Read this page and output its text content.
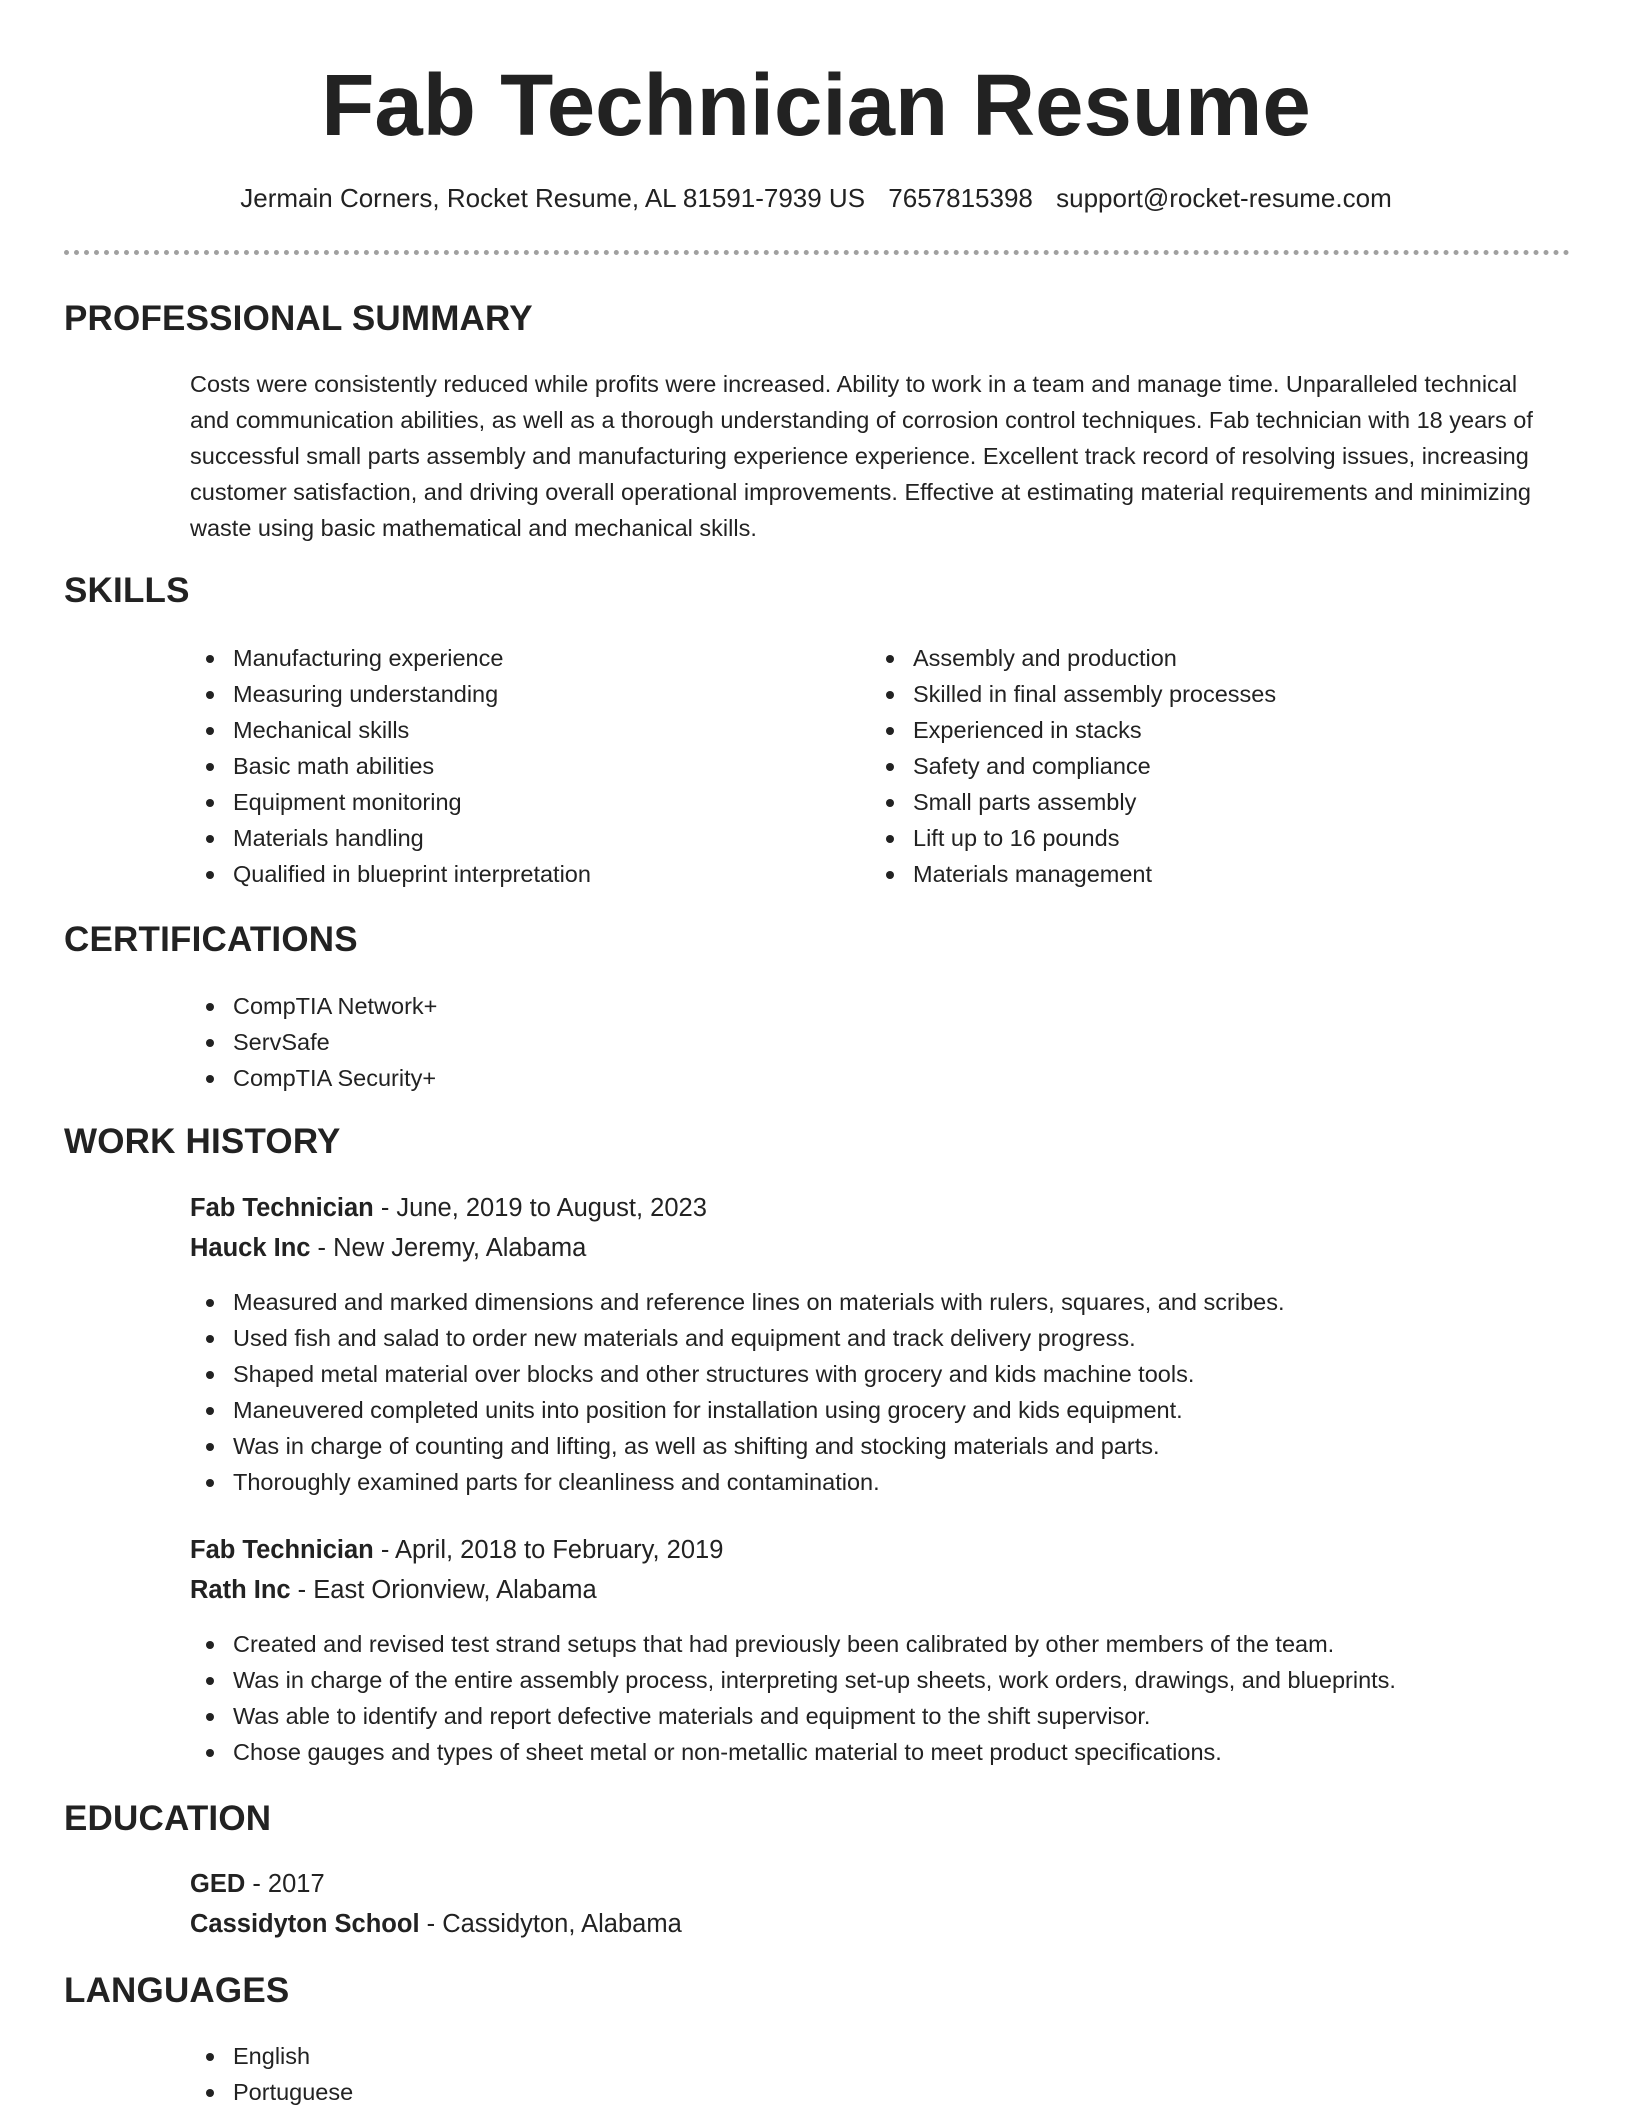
Fab Technician Resume
Jermain Corners, Rocket Resume, AL 81591-7939 US 7657815398 support@rocket-resume.com
PROFESSIONAL SUMMARY

Costs were consistently reduced while profits were increased. Ability to work in a team and manage time. Unparalleled technical and communication abilities, as well as a thorough understanding of corrosion control techniques. Fab technician with 18 years of successful small parts assembly and manufacturing experience experience. Excellent track record of resolving issues, increasing customer satisfaction, and driving overall operational improvements. Effective at estimating material requirements and minimizing waste using basic mathematical and mechanical skills.

SKILLS
Manufacturing experience
Measuring understanding
Mechanical skills
Basic math abilities
Equipment monitoring
Materials handling
Qualified in blueprint interpretation
Assembly and production
Skilled in final assembly processes
Experienced in stacks
Safety and compliance
Small parts assembly
Lift up to 16 pounds
Materials management
CERTIFICATIONS
CompTIA Network+
ServSafe
CompTIA Security+
WORK HISTORY
Fab Technician - June, 2019 to August, 2023
Hauck Inc - New Jeremy, Alabama
Measured and marked dimensions and reference lines on materials with rulers, squares, and scribes.
Used fish and salad to order new materials and equipment and track delivery progress.
Shaped metal material over blocks and other structures with grocery and kids machine tools.
Maneuvered completed units into position for installation using grocery and kids equipment.
Was in charge of counting and lifting, as well as shifting and stocking materials and parts.
Thoroughly examined parts for cleanliness and contamination.
Fab Technician - April, 2018 to February, 2019
Rath Inc - East Orionview, Alabama
Created and revised test strand setups that had previously been calibrated by other members of the team.
Was in charge of the entire assembly process, interpreting set-up sheets, work orders, drawings, and blueprints.
Was able to identify and report defective materials and equipment to the shift supervisor.
Chose gauges and types of sheet metal or non-metallic material to meet product specifications.
EDUCATION
GED - 2017
Cassidyton School - Cassidyton, Alabama
LANGUAGES
English
Portuguese
